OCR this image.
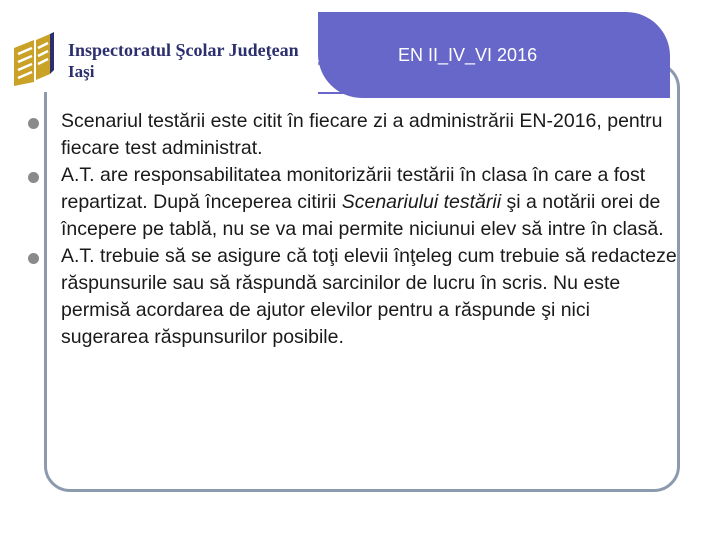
EN II_IV_VI 2016
Inspectoratul Şcolar Judeţean
Iaşi
Scenariul testării este citit în fiecare zi a administrării EN-2016, pentru fiecare test administrat.
A.T. are responsabilitatea monitorizării testării în clasa în care a fost repartizat. După începerea citirii Scenariului testării şi a notării orei de începere pe tablă, nu se va mai permite niciunui elev să intre în clasă.
A.T. trebuie să se asigure că toţi elevii înţeleg cum trebuie să redacteze răspunsurile sau să răspundă sarcinilor de lucru în scris. Nu este permisă acordarea de ajutor elevilor pentru a răspunde şi nici sugerarea răspunsurilor posibile.
